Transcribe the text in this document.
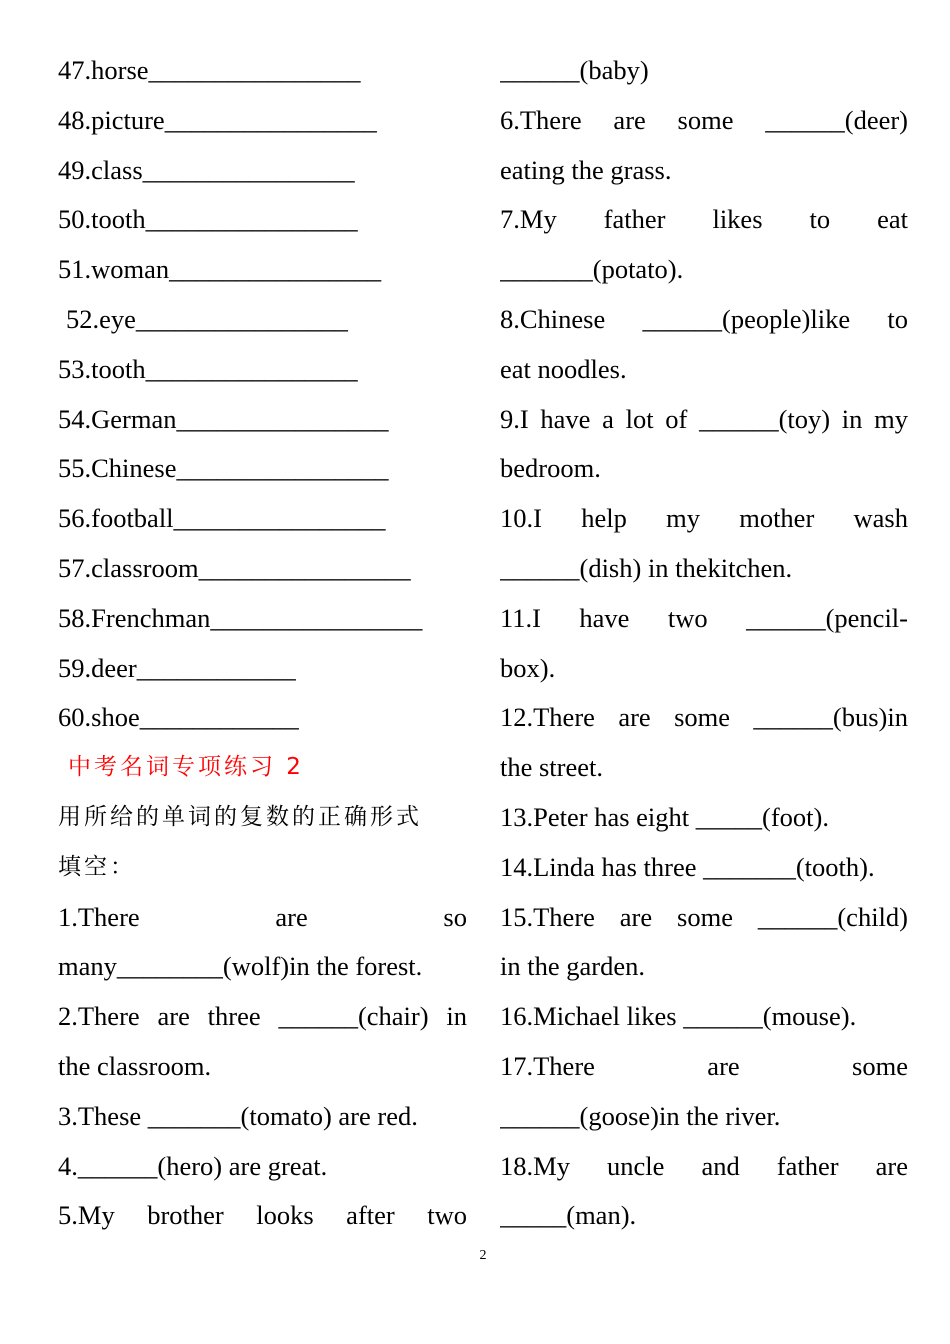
47.horse________________
48.picture________________
49.class________________
50.tooth________________
51.woman________________
52.eye________________
53.tooth________________
54.German________________
55.Chinese________________
56.football________________
57.classroom________________
58.Frenchman________________
59.deer____________
60.shoe____________
中考名词专项练习 2
用所给的单词的复数的正确形式
填空：
1.There are so
many________(wolf)in the forest.
2.There are three ______(chair) in
the classroom.
3.These _______(tomato) are red.
4.______(hero) are great.
5.My brother looks after two
______(baby)
6.There are some ______(deer)
eating the grass.
7.My father likes to eat
_______(potato).
8.Chinese ______(people)like to
eat noodles.
9.I have a lot of ______(toy) in my
bedroom.
10.I help my mother wash
______(dish) in thekitchen.
11.I have two ______(pencil-
box).
12.There are some ______(bus)in
the street.
13.Peter has eight _____(foot).
14.Linda has three _______(tooth).
15.There are some ______(child)
in the garden.
16.Michael likes ______(mouse).
17.There are some
______(goose)in the river.
18.My uncle and father are
_____(man).
2
